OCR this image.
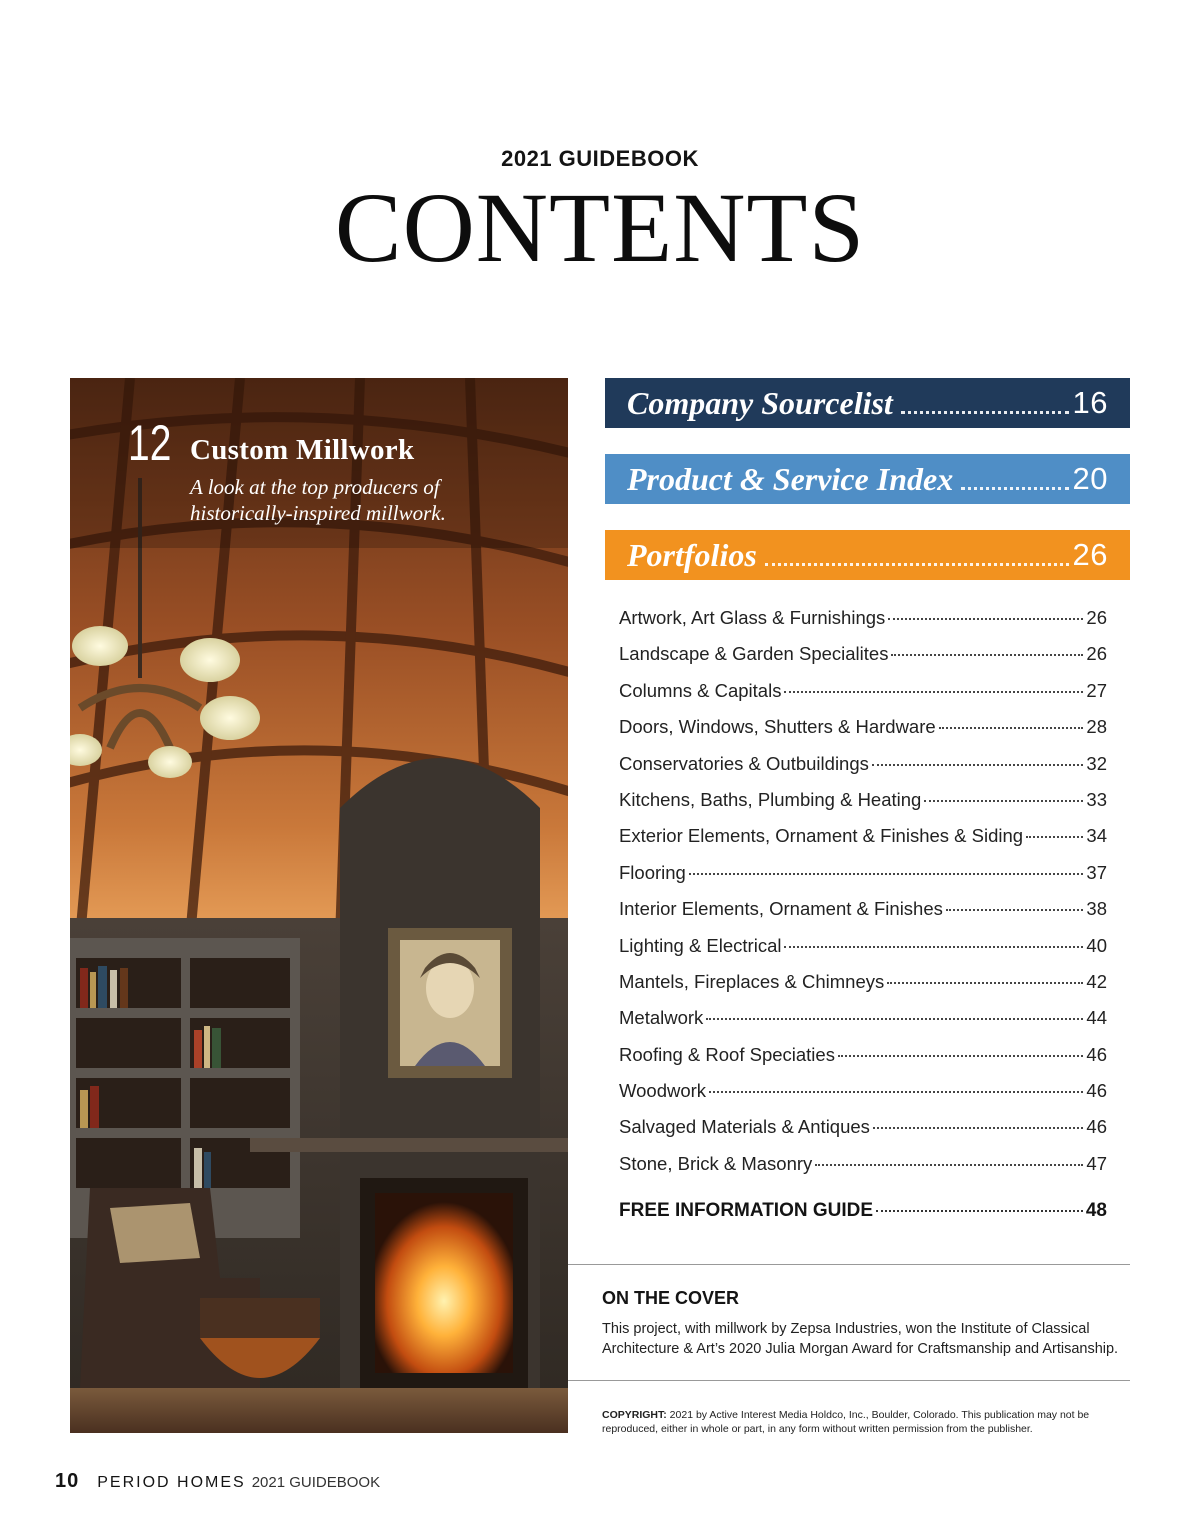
2021 GUIDEBOOK
CONTENTS
12 Custom Millwork
A look at the top producers of historically-inspired millwork.
Company Sourcelist	16
Product & Service Index	20
Portfolios	26
Artwork, Art Glass & Furnishings	26
Landscape & Garden Specialites	26
Columns & Capitals	27
Doors, Windows, Shutters & Hardware	28
Conservatories & Outbuildings	32
Kitchens, Baths, Plumbing & Heating	33
Exterior Elements, Ornament & Finishes & Siding	34
Flooring	37
Interior Elements, Ornament & Finishes	38
Lighting & Electrical	40
Mantels, Fireplaces & Chimneys	42
Metalwork	44
Roofing & Roof Speciaties	46
Woodwork	46
Salvaged Materials & Antiques	46
Stone, Brick & Masonry	47
FREE INFORMATION GUIDE	48
ON THE COVER
This project, with millwork by Zepsa Industries, won the Institute of Classical Architecture & Art’s 2020 Julia Morgan Award for Craftsmanship and Artisanship.
COPYRIGHT: 2021 by Active Interest Media Holdco, Inc., Boulder, Colorado. This publication may not be reproduced, either in whole or part, in any form without written permission from the publisher.
10 PERIOD HOMES 2021 GUIDEBOOK
